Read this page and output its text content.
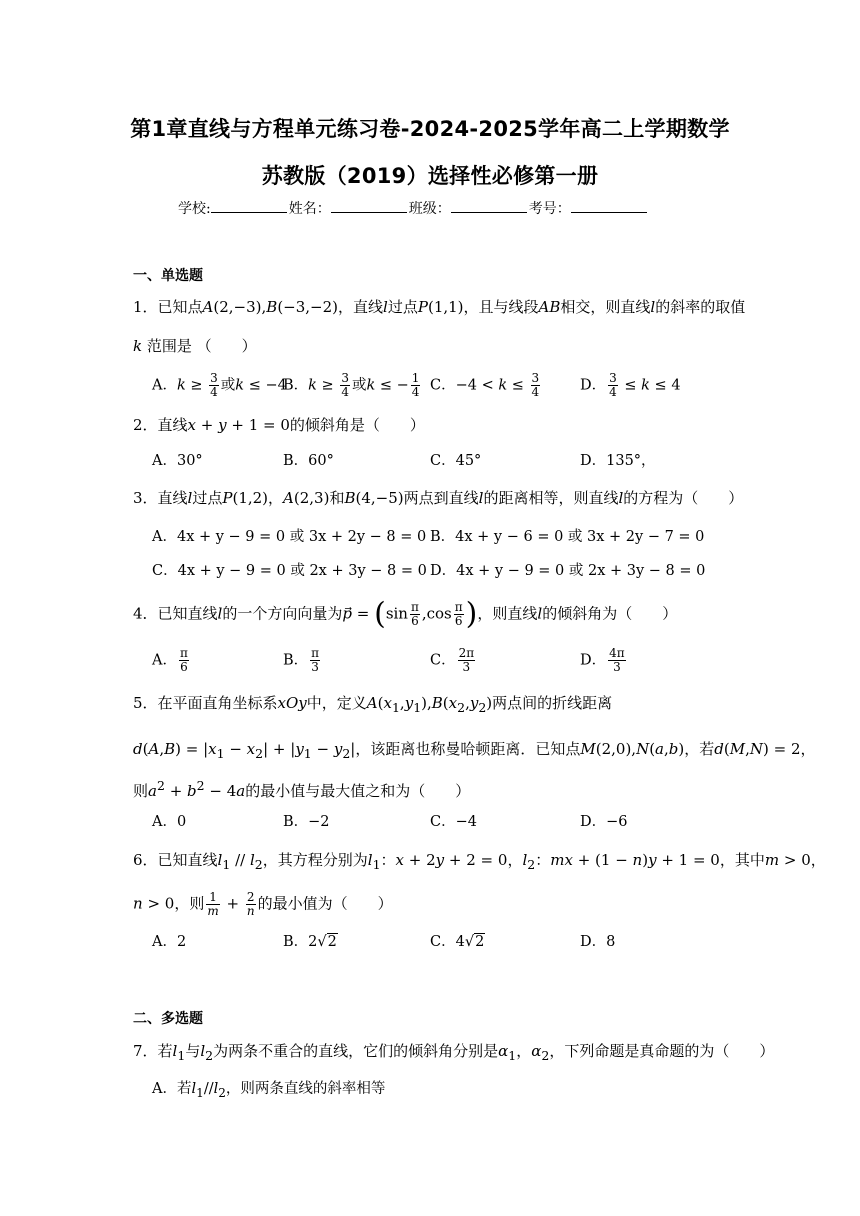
第1章直线与方程单元练习卷-2024-2025学年高二上学期数学
苏教版（2019）选择性必修第一册
学校:	姓名：	班级：	考号：
一、单选题
1．已知点A(2,−3),B(−3,−2)，直线l过点P(1,1)，且与线段AB相交，则直线l的斜率的取值
k 范围是 （　　）
A．$k \ge \frac{3}{4}$ 或k ≤ −4
B．$k \ge \frac{3}{4}$ 或k ≤ − $\frac{1}{4}$ C．$-4 < k \le \frac{3}{4}$	D． $\frac{3}{4} \le k \le 4$
2．直线x + y + 1 = 0的倾斜角是（　　）
A．30°	B．60°	C．45°	D．135°，
3．直线l过点P(1,2)，A(2,3)和B(4,−5)两点到直线l的距离相等，则直线l的方程为（　　）
A．4x + y − 9 = 0 或 3x + 2y − 8 = 0 B．4x + y − 6 = 0 或 3x + 2y − 7 = 0
C．4x + y − 9 = 0 或 2x + 3y − 8 = 0 D．4x + y − 9 = 0 或 2x + 3y − 8 = 0
4．已知直线l的一个方向向量为p⃗ = ($\sin \frac{\pi}{6} ,\cos \frac{\pi}{6}$ )，则直线l的倾斜角为（　　）
A． $\frac{\pi}{6}$	B． $\frac{\pi}{3}$	C． $\frac{2\pi}{3}$	D． $\frac{4\pi}{3}$
5．在平面直角坐标系xOy中，定义$A(x_1,y_1),B(x_2,y_2)$两点间的折线距离
$d(A,B) = |x_1 - x_2| + |y_1 - y_2|$，该距离也称曼哈顿距离．已知点M(2,0),N(a,b)，若d(M,N) = 2，
则$a^2 + b^2 - 4a$的最小值与最大值之和为（　　）
A．0	B．−2	C．−4	D．−6
6．已知直线$l_1 // l_2$，其方程分别为$l_1$：x + 2y + 2 = 0，$l_2$：mx + (1 − n)y + 1 = 0，其中m > 0，
n > 0，则 $\frac{1}{m} + \frac{2}{n}$ 的最小值为（　　）
A．2	B．2√2	C．4√2	D．8
二、多选题
7．若$l_1$与$l_2$为两条不重合的直线，它们的倾斜角分别是$\alpha_1$，$\alpha_2$，下列命题是真命题的为（　　）
A．若$l_1//l_2$，则两条直线的斜率相等
